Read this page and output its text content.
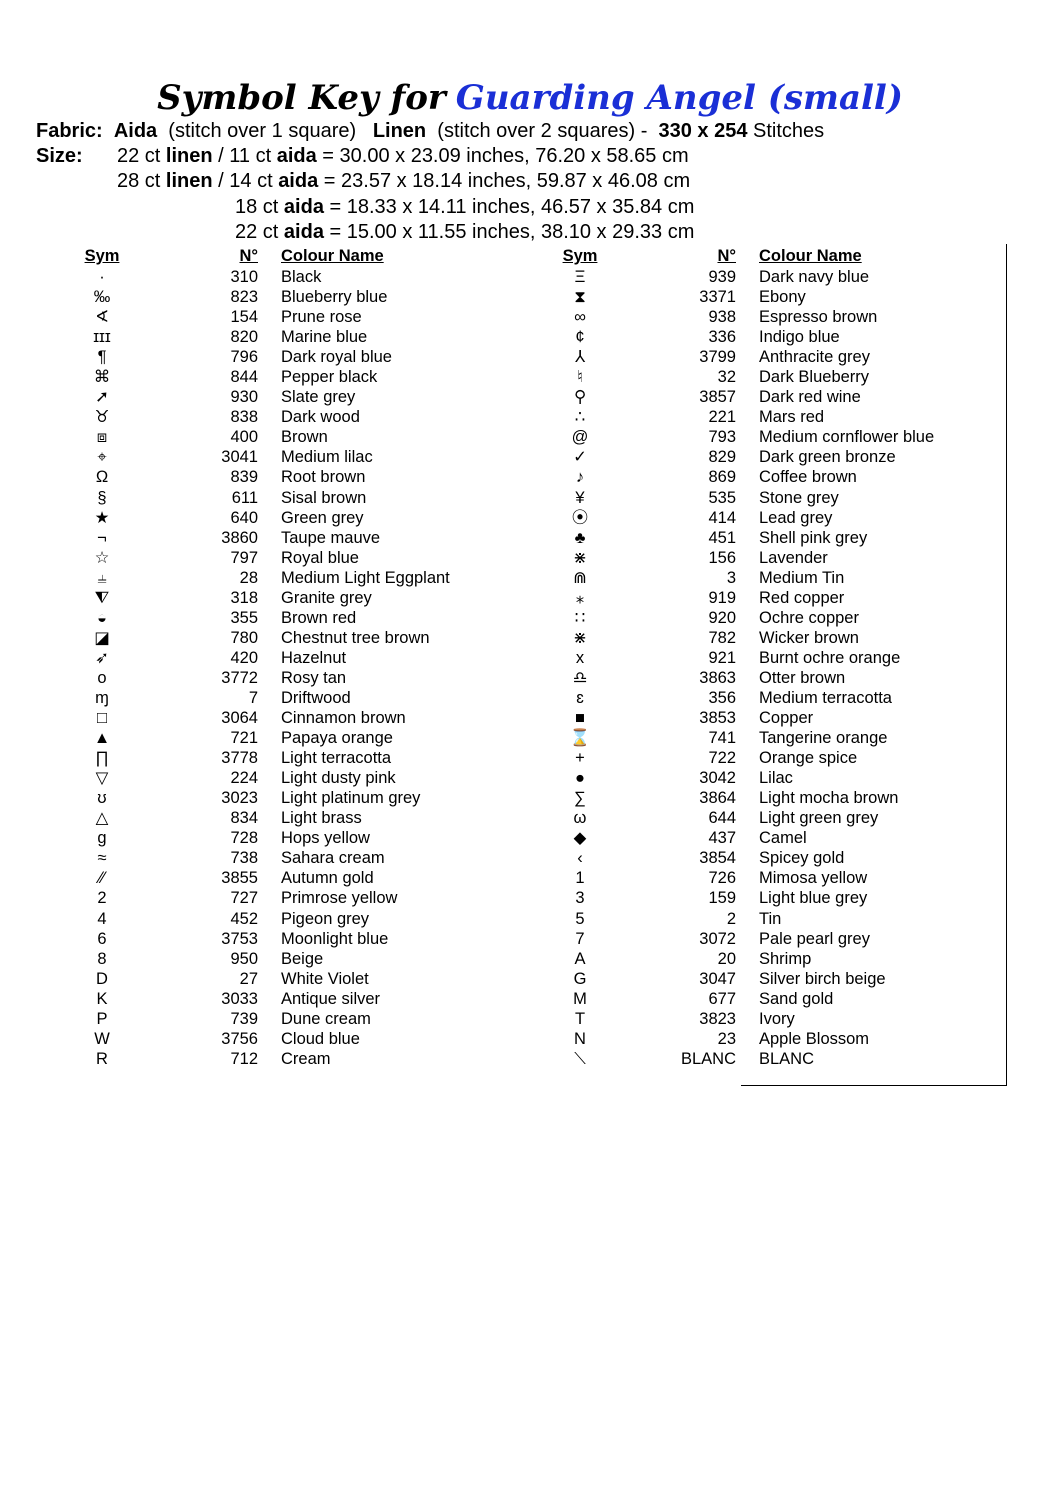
Symbol Key for Guarding Angel (small)
Fabric: Aida (stitch over 1 square) Linen (stitch over 2 squares) - 330 x 254 Stitches
Size: 22 ct linen / 11 ct aida = 30.00 x 23.09 inches, 76.20 x 58.65 cm
28 ct linen / 14 ct aida = 23.57 x 18.14 inches, 59.87 x 46.08 cm
18 ct aida = 18.33 x 14.11 inches, 46.57 x 35.84 cm
22 ct aida = 15.00 x 11.55 inches, 38.10 x 29.33 cm
Sym	N° Colour Name
·	310 Black
‰	823 Blueberry blue
∢	154 Prune rose
ɪɪɪ	820 Marine blue
¶	796 Dark royal blue
⌘	844 Pepper black
➚	930 Slate grey
♉	838 Dark wood
⧈	400 Brown
⌖	3041 Medium lilac
Ω	839 Root brown
§	611 Sisal brown
★	640 Green grey
¬	3860 Taupe mauve
☆	797 Royal blue
⫨	28 Medium Light Eggplant
⧨	318 Granite grey
◒	355 Brown red
◪	780 Chestnut tree brown
➶	420 Hazelnut
o	3772 Rosy tan
ɱ	7 Driftwood
□	3064 Cinnamon brown
▲	721 Papaya orange
∏	3778 Light terracotta
▽	224 Light dusty pink
ʊ	3023 Light platinum grey
△	834 Light brass
g	728 Hops yellow
≈	738 Sahara cream
⁄⁄	3855 Autumn gold
2	727 Primrose yellow
4	452 Pigeon grey
6	3753 Moonlight blue
8	950 Beige
D	27 White Violet
K	3033 Antique silver
P	739 Dune cream
W	3756 Cloud blue
R	712 Cream
Sym	N° Colour Name
Ξ	939 Dark navy blue
⧗	3371 Ebony
∞	938 Espresso brown
¢	336 Indigo blue
⅄	3799 Anthracite grey
♮	32 Dark Blueberry
⚲	3857 Dark red wine
∴	221 Mars red
@	793 Medium cornflower blue
✓	829 Dark green bronze
♪	869 Coffee brown
¥	535 Stone grey
⦿	414 Lead grey
♣	451 Shell pink grey
⋇	156 Lavender
⋒	3 Medium Tin
⁎	919 Red copper
∷	920 Ochre copper
⋇	782 Wicker brown
x	921 Burnt ochre orange
♎	3863 Otter brown
ɛ	356 Medium terracotta
■	3853 Copper
⌛	741 Tangerine orange
+	722 Orange spice
●	3042 Lilac
∑	3864 Light mocha brown
ω	644 Light green grey
◆	437 Camel
‹	3854 Spicey gold
1	726 Mimosa yellow
3	159 Light blue grey
5	2 Tin
7	3072 Pale pearl grey
A	20 Shrimp
G	3047 Silver birch beige
M	677 Sand gold
T	3823 Ivory
N	23 Apple Blossom
⟍	BLANC BLANC
